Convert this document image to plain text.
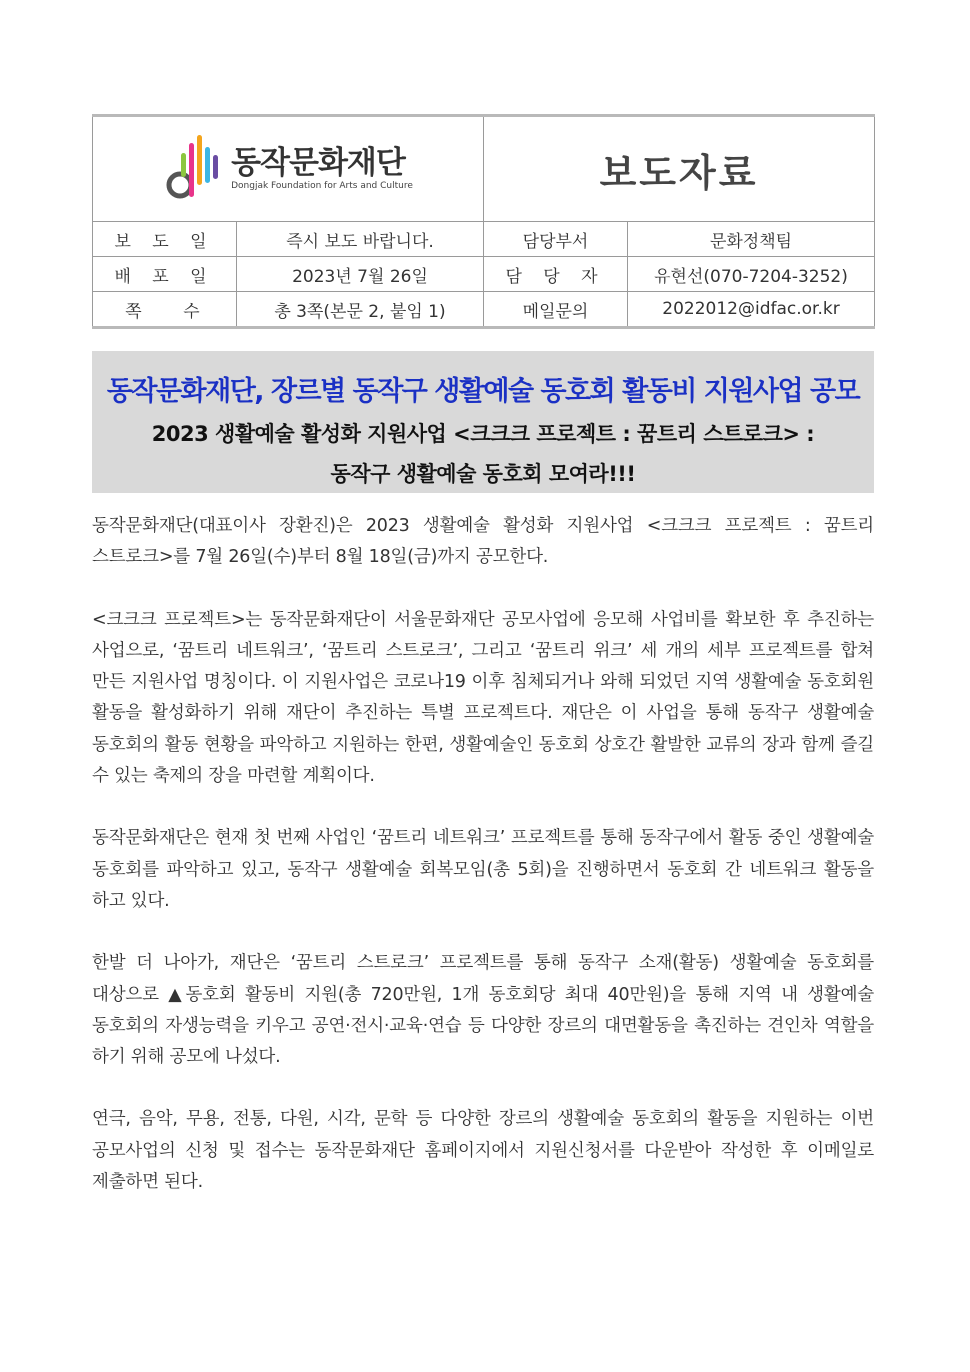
동작문화재단
Dongjak Foundation for Arts and Culture		보도자료	
보 도 일	즉시 보도 바랍니다.	담당부서	문화정책팀
배 포 일	2023년 7월 26일	담 당 자	유현선(070-7204-3252)
쪽    수	총 3쪽(본문 2, 붙임 1)	메일문의	2022012@idfac.or.kr
동작문화재단, 장르별 동작구 생활예술 동호회 활동비 지원사업 공모
2023 생활예술 활성화 지원사업 <크크크 프로젝트 : 꿈트리 스트로크> :
동작구 생활예술 동호회 모여라!!!

동작문화재단(대표이사 장환진)은 2023 생활예술 활성화 지원사업 <크크크 프로젝트 : 꿈트리 스트로크>를 7월 26일(수)부터 8월 18일(금)까지 공모한다.

<크크크 프로젝트>는 동작문화재단이 서울문화재단 공모사업에 응모해 사업비를 확보한 후 추진하는 사업으로, ‘꿈트리 네트워크’, ‘꿈트리 스트로크’, 그리고 ‘꿈트리 위크’ 세 개의 세부 프로젝트를 합쳐 만든 지원사업 명칭이다. 이 지원사업은 코로나19 이후 침체되거나 와해 되었던 지역 생활예술 동호회원 활동을 활성화하기 위해 재단이 추진하는 특별 프로젝트다. 재단은 이 사업을 통해 동작구 생활예술 동호회의 활동 현황을 파악하고 지원하는 한편, 생활예술인 동호회 상호간 활발한 교류의 장과 함께 즐길 수 있는 축제의 장을 마련할 계획이다.

동작문화재단은 현재 첫 번째 사업인 ‘꿈트리 네트워크’ 프로젝트를 통해 동작구에서 활동 중인 생활예술 동호회를 파악하고 있고, 동작구 생활예술 회복모임(총 5회)을 진행하면서 동호회 간 네트워크 활동을 하고 있다.

한발 더 나아가, 재단은 ‘꿈트리 스트로크’ 프로젝트를 통해 동작구 소재(활동) 생활예술 동호회를 대상으로 ▲동호회 활동비 지원(총 720만원, 1개 동호회당 최대 40만원)을 통해 지역 내 생활예술 동호회의 자생능력을 키우고 공연·전시·교육·연습 등 다양한 장르의 대면활동을 촉진하는 견인차 역할을 하기 위해 공모에 나섰다.

연극, 음악, 무용, 전통, 다원, 시각, 문학 등 다양한 장르의 생활예술 동호회의 활동을 지원하는 이번 공모사업의 신청 및 접수는 동작문화재단 홈페이지에서 지원신청서를 다운받아 작성한 후 이메일로 제출하면 된다.
